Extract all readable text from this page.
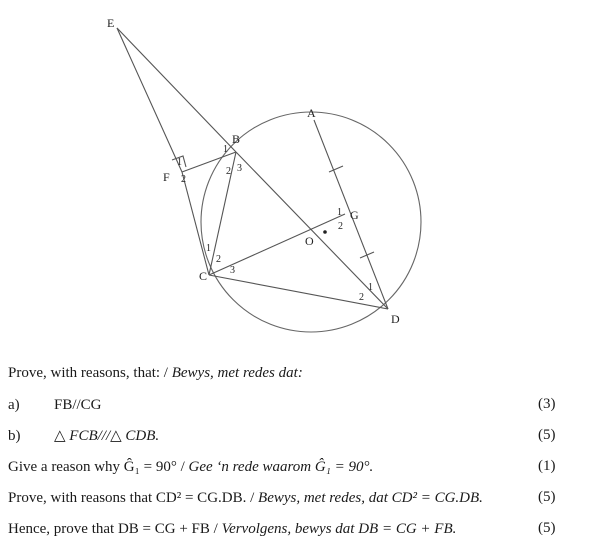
E
A
B
F
G
O
C
D
1
2 3
1
2
1
2
1
2
3
1
2
Prove, with reasons, that: / Bewys, met redes dat:
a) FB//CG	(3)
b) △ FCB///△ CDB.	(5)
Give a reason why Ĝ₁ = 90° / Gee ‘n rede waarom Ĝ₁ = 90°.	(1)
Prove, with reasons that CD² = CG.DB. / Bewys, met redes, dat CD² = CG.DB.	(5)
Hence, prove that DB = CG + FB / Vervolgens, bewys dat DB = CG + FB.	(5)
